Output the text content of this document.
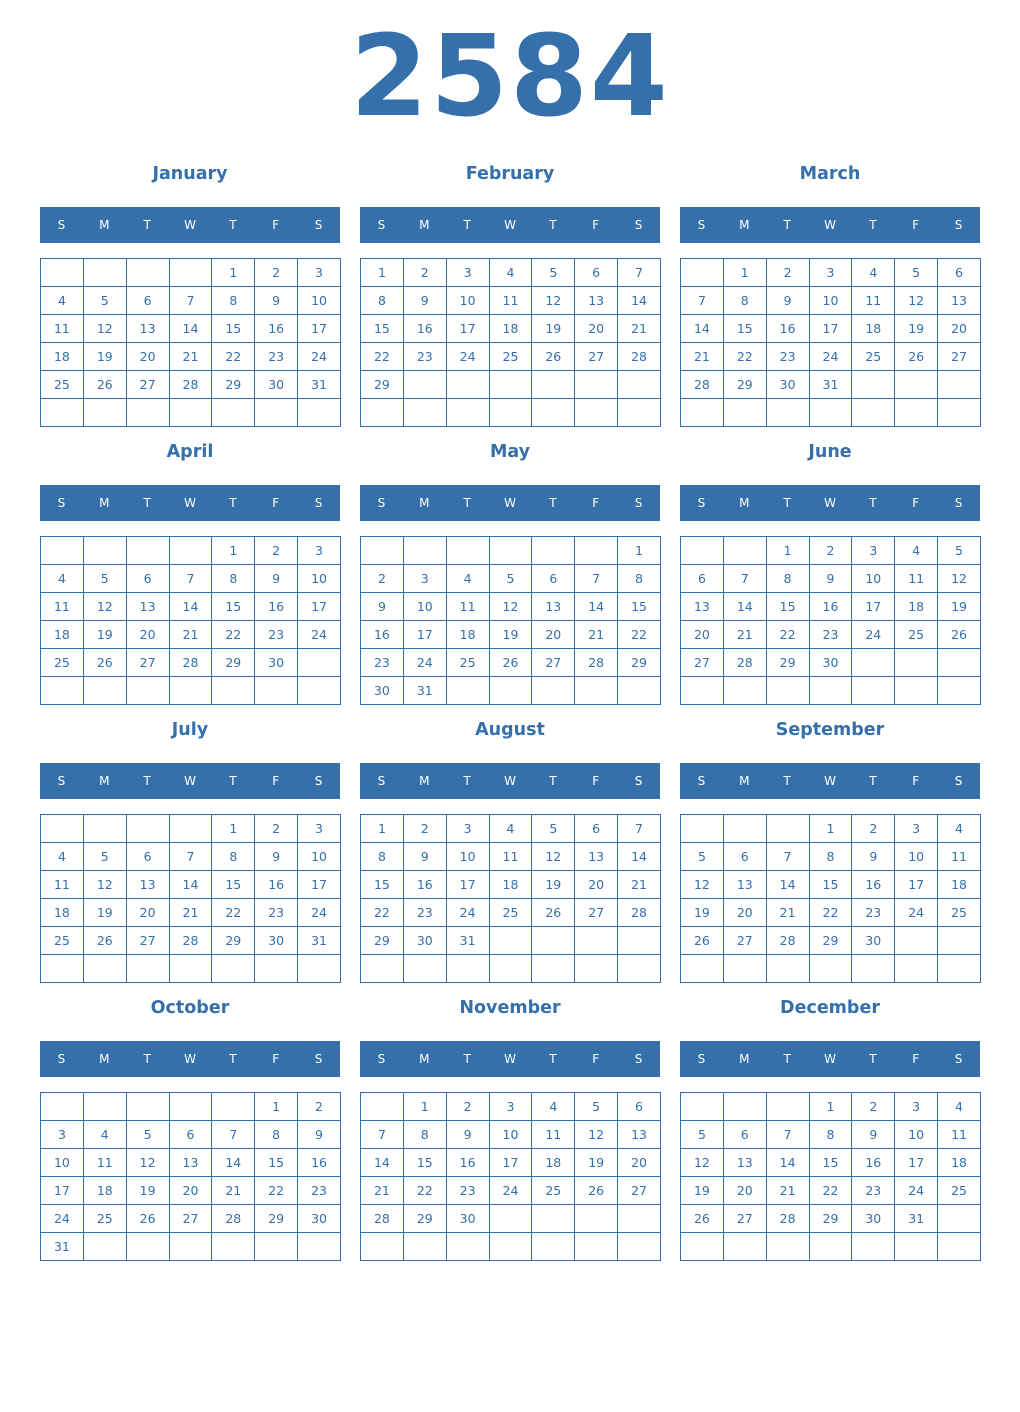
2584
January
S	M	T	W	T	F	S
				1	2	3
4	5	6	7	8	9	10
11	12	13	14	15	16	17
18	19	20	21	22	23	24
25	26	27	28	29	30	31

February
S	M	T	W	T	F	S
1	2	3	4	5	6	7
8	9	10	11	12	13	14
15	16	17	18	19	20	21
22	23	24	25	26	27	28
29						

March
S	M	T	W	T	F	S
	1	2	3	4	5	6
7	8	9	10	11	12	13
14	15	16	17	18	19	20
21	22	23	24	25	26	27
28	29	30	31			

April
S	M	T	W	T	F	S
				1	2	3
4	5	6	7	8	9	10
11	12	13	14	15	16	17
18	19	20	21	22	23	24
25	26	27	28	29	30	

May
S	M	T	W	T	F	S
						1
2	3	4	5	6	7	8
9	10	11	12	13	14	15
16	17	18	19	20	21	22
23	24	25	26	27	28	29
30	31					
June
S	M	T	W	T	F	S
		1	2	3	4	5
6	7	8	9	10	11	12
13	14	15	16	17	18	19
20	21	22	23	24	25	26
27	28	29	30			

July
S	M	T	W	T	F	S
				1	2	3
4	5	6	7	8	9	10
11	12	13	14	15	16	17
18	19	20	21	22	23	24
25	26	27	28	29	30	31

August
S	M	T	W	T	F	S
1	2	3	4	5	6	7
8	9	10	11	12	13	14
15	16	17	18	19	20	21
22	23	24	25	26	27	28
29	30	31				

September
S	M	T	W	T	F	S
			1	2	3	4
5	6	7	8	9	10	11
12	13	14	15	16	17	18
19	20	21	22	23	24	25
26	27	28	29	30		

October
S	M	T	W	T	F	S
					1	2
3	4	5	6	7	8	9
10	11	12	13	14	15	16
17	18	19	20	21	22	23
24	25	26	27	28	29	30
31						
November
S	M	T	W	T	F	S
	1	2	3	4	5	6
7	8	9	10	11	12	13
14	15	16	17	18	19	20
21	22	23	24	25	26	27
28	29	30				

December
S	M	T	W	T	F	S
			1	2	3	4
5	6	7	8	9	10	11
12	13	14	15	16	17	18
19	20	21	22	23	24	25
26	27	28	29	30	31	
